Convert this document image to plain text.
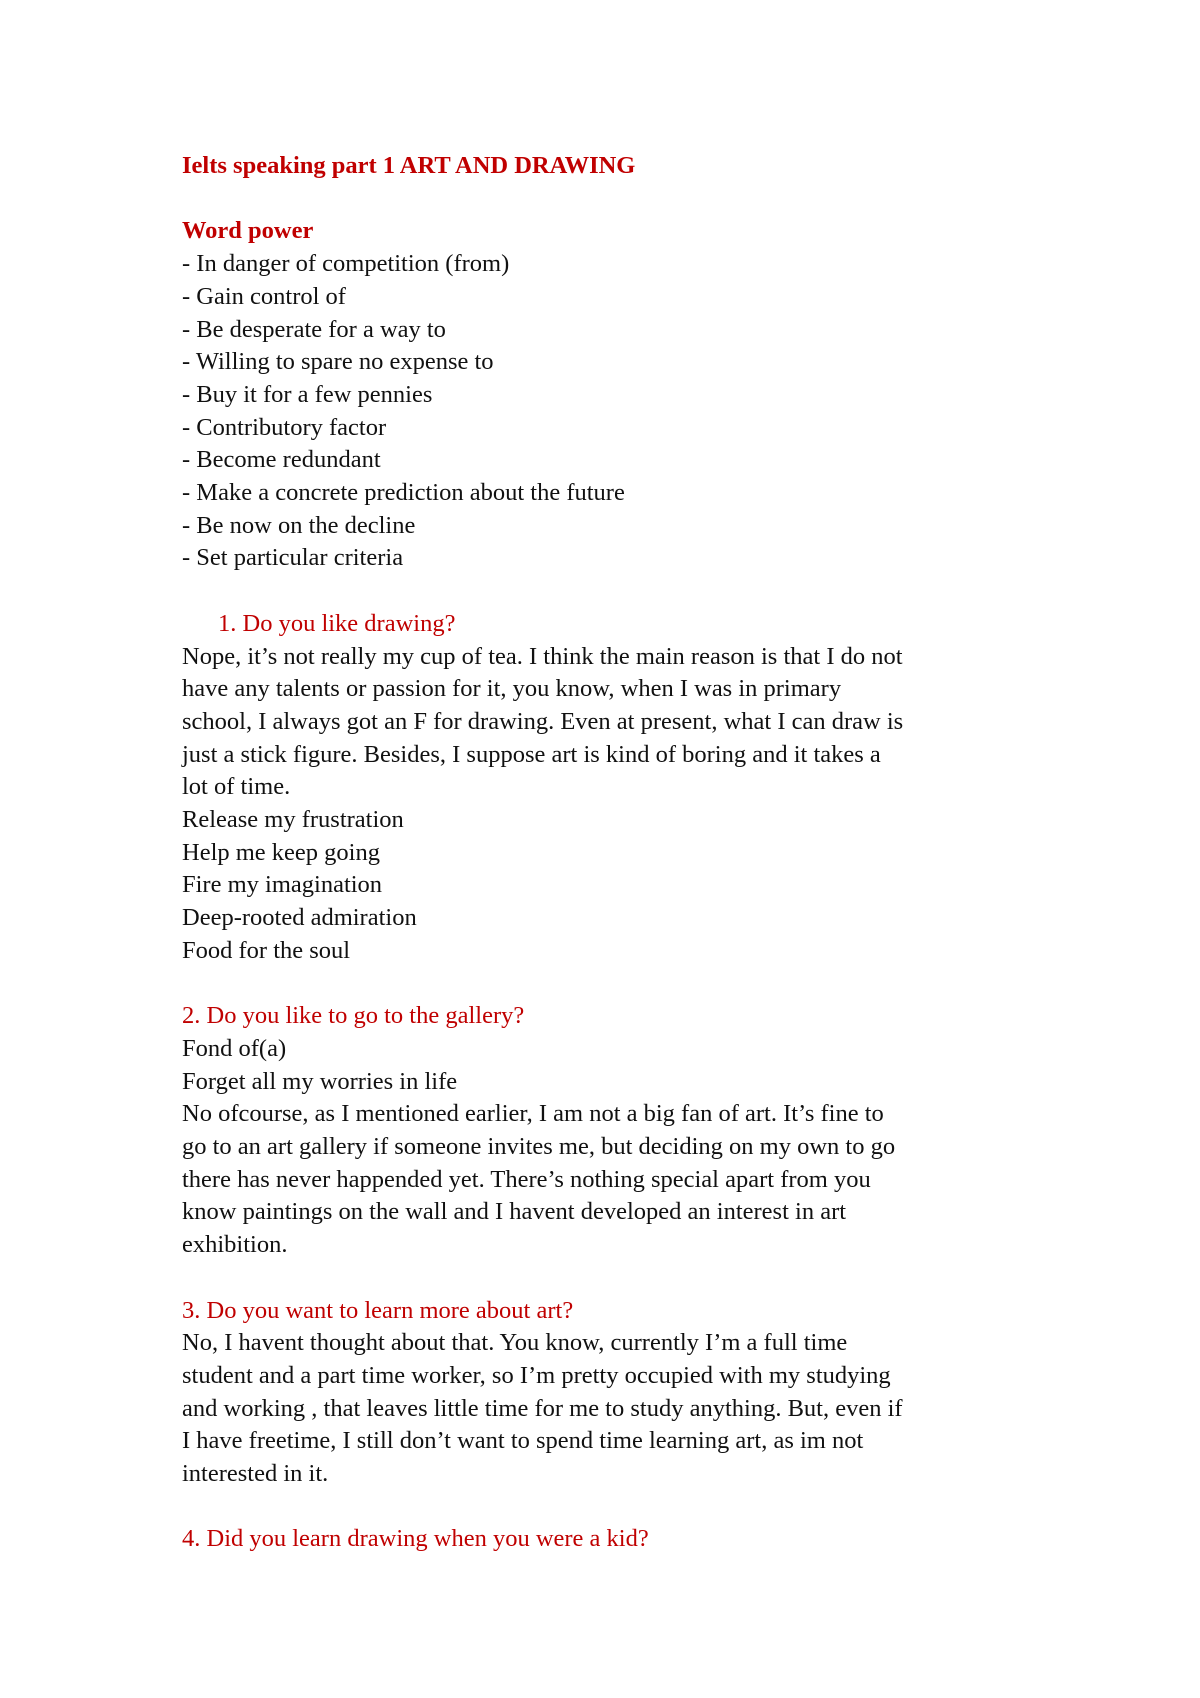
Ielts speaking part 1 ART AND DRAWING

Word power

- In danger of competition (from)
- Gain control of
- Be desperate for a way to
- Willing to spare no expense to
- Buy it for a few pennies
- Contributory factor
- Become redundant
- Make a concrete prediction about the future
- Be now on the decline
- Set particular criteria

1. Do you like drawing?

Nope, it’s not really my cup of tea. I think the main reason is that I do not

have any talents or passion for it, you know, when I was in primary

school, I always got an F for drawing. Even at present, what I can draw is

just a stick figure. Besides, I suppose art is kind of boring and it takes a

lot of time.

Release my frustration
Help me keep going
Fire my imagination
Deep-rooted admiration
Food for the soul

2. Do you like to go to the gallery?

Fond of(a)
Forget all my worries in life

No ofcourse, as I mentioned earlier, I am not a big fan of art. It’s fine to

go to an art gallery if someone invites me, but deciding on my own to go

there has never happended yet. There’s nothing special apart from you

know paintings on the wall and I havent developed an interest in art

exhibition.

3. Do you want to learn more about art?

No, I havent thought about that. You know, currently I’m a full time

student and a part time worker, so I’m pretty occupied with my studying

and working , that leaves little time for me to study anything. But, even if

I have freetime, I still don’t want to spend time learning art, as im not

interested in it.

4. Did you learn drawing when you were a kid?
